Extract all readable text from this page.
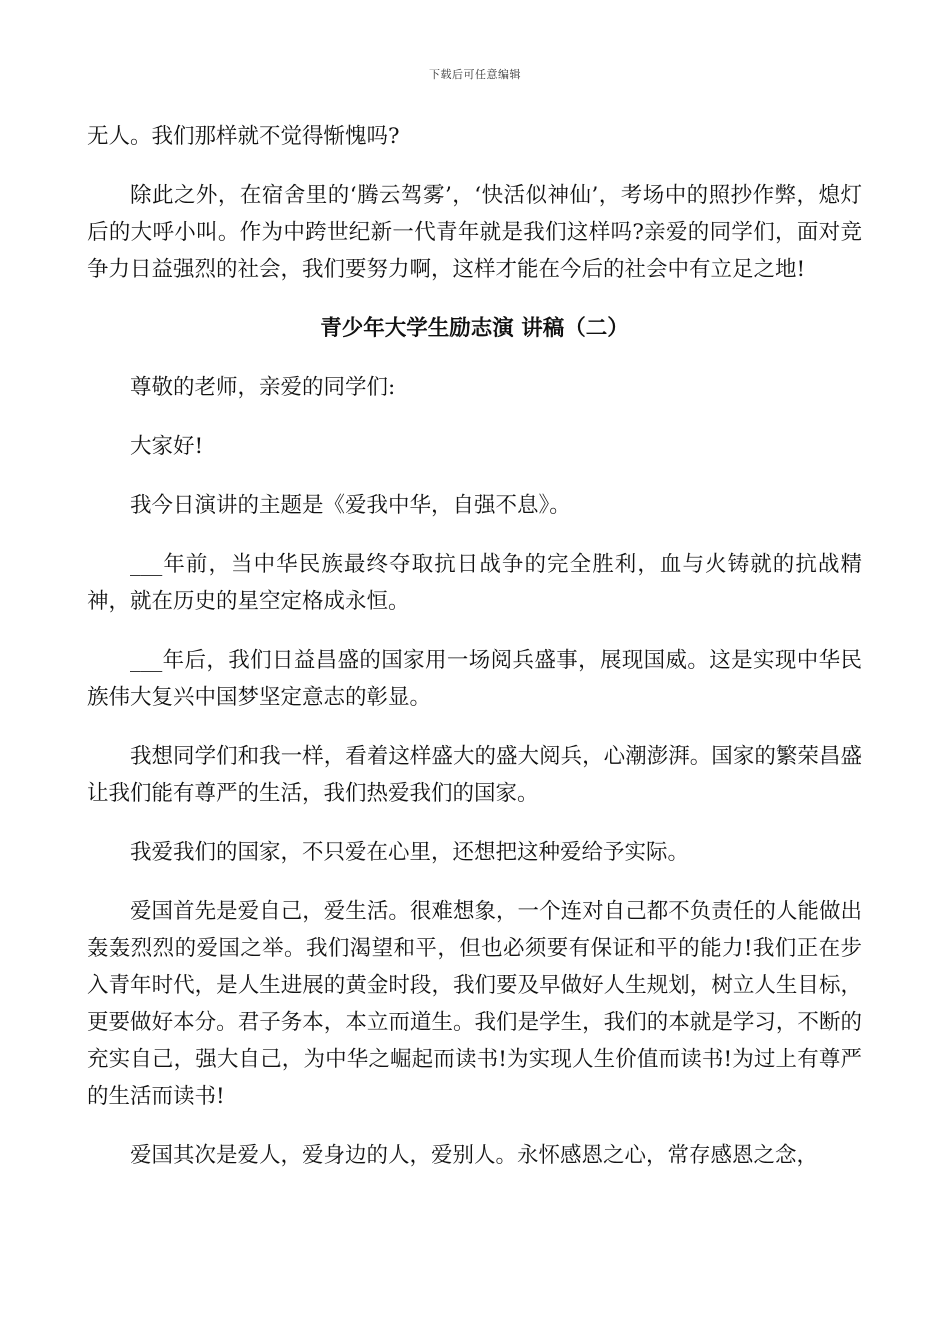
下载后可任意编辑

无人。我们那样就不觉得惭愧吗?

除此之外，在宿舍里的‘腾云驾雾’，‘快活似神仙’，考场中的照抄作弊，熄灯后的大呼小叫。作为中跨世纪新一代青年就是我们这样吗?亲爱的同学们，面对竞争力日益强烈的社会，我们要努力啊，这样才能在今后的社会中有立足之地!

青少年大学生励志演 讲稿（二）

尊敬的老师，亲爱的同学们:

大家好!

我今日演讲的主题是《爱我中华，自强不息》。

___年前，当中华民族最终夺取抗日战争的完全胜利，血与火铸就的抗战精神，就在历史的星空定格成永恒。

___年后，我们日益昌盛的国家用一场阅兵盛事，展现国威。这是实现中华民族伟大复兴中国梦坚定意志的彰显。

我想同学们和我一样，看着这样盛大的盛大阅兵，心潮澎湃。国家的繁荣昌盛让我们能有尊严的生活，我们热爱我们的国家。

我爱我们的国家，不只爱在心里，还想把这种爱给予实际。

爱国首先是爱自己，爱生活。很难想象，一个连对自己都不负责任的人能做出轰轰烈烈的爱国之举。我们渴望和平，但也必须要有保证和平的能力!我们正在步入青年时代，是人生进展的黄金时段，我们要及早做好人生规划，树立人生目标，更要做好本分。君子务本，本立而道生。我们是学生，我们的本就是学习，不断的充实自己，强大自己，为中华之崛起而读书!为实现人生价值而读书!为过上有尊严的生活而读书!

爱国其次是爱人，爱身边的人，爱别人。永怀感恩之心，常存感恩之念，
